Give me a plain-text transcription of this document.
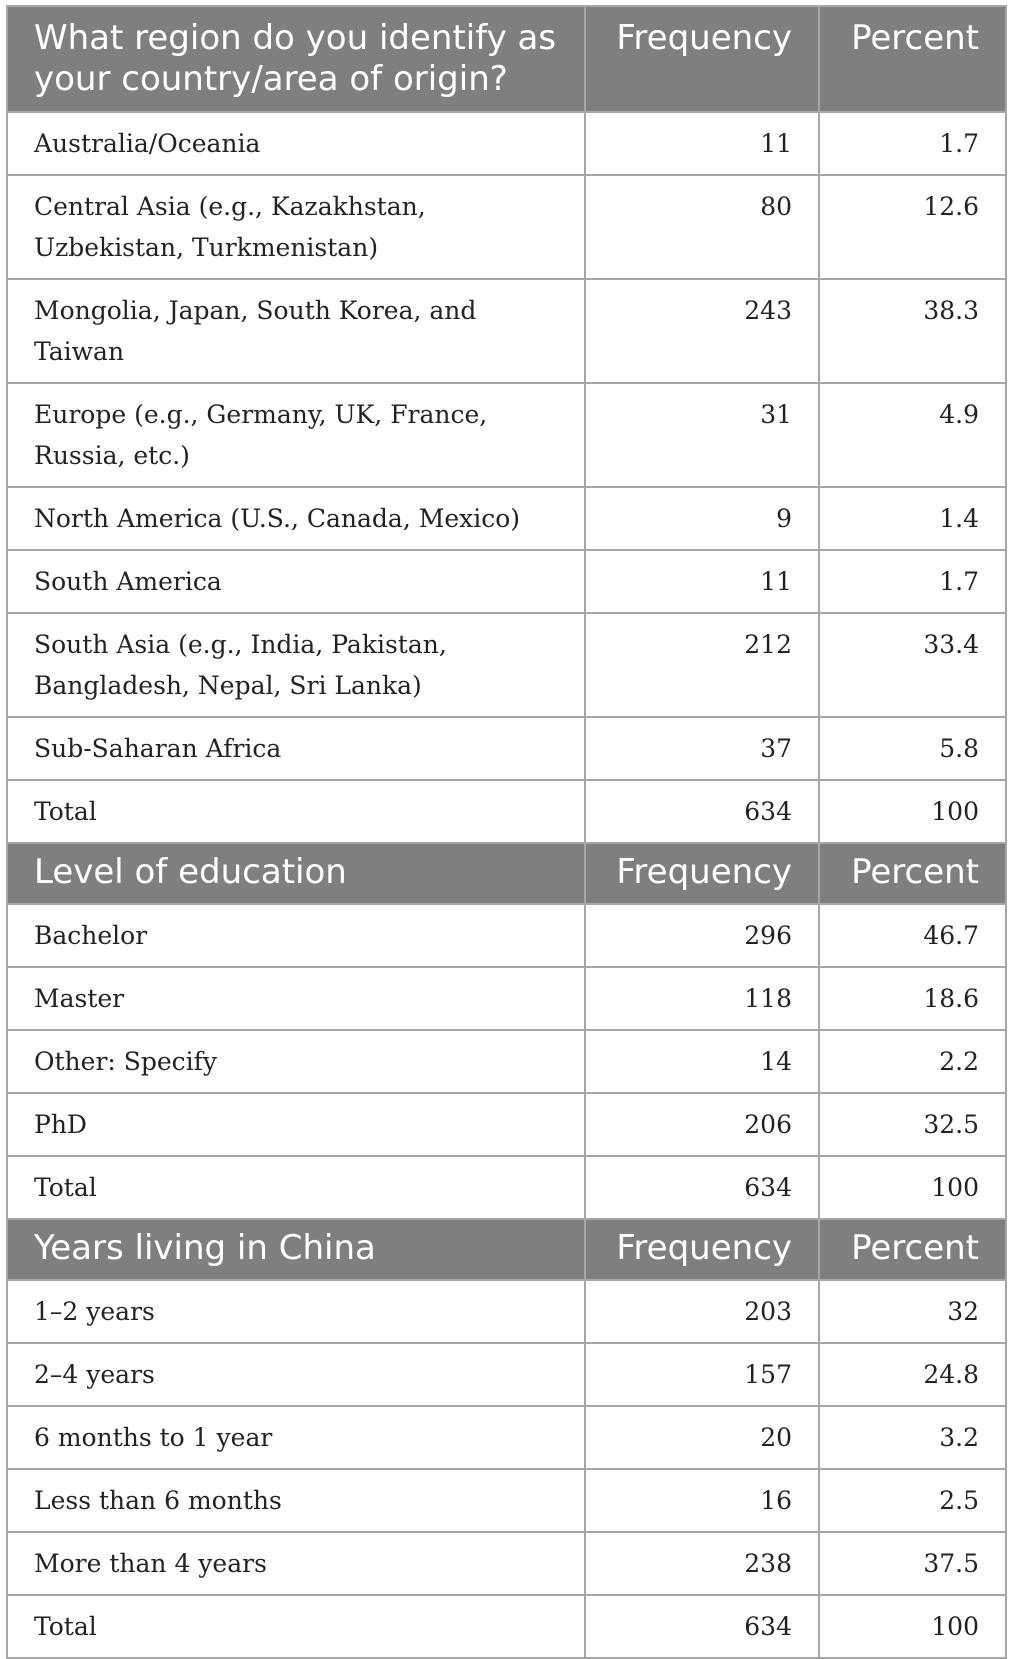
What region do you identify as your country/area of origin?	Frequency	Percent
Australia/Oceania	11	1.7
Central Asia (e.g., Kazakhstan, Uzbekistan, Turkmenistan)	80	12.6
Mongolia, Japan, South Korea, and Taiwan	243	38.3
Europe (e.g., Germany, UK, France, Russia, etc.)	31	4.9
North America (U.S., Canada, Mexico)	9	1.4
South America	11	1.7
South Asia (e.g., India, Pakistan, Bangladesh, Nepal, Sri Lanka)	212	33.4
Sub-Saharan Africa	37	5.8
Total	634	100
Level of education	Frequency	Percent
Bachelor	296	46.7
Master	118	18.6
Other: Specify	14	2.2
PhD	206	32.5
Total	634	100
Years living in China	Frequency	Percent
1–2 years	203	32
2–4 years	157	24.8
6 months to 1 year	20	3.2
Less than 6 months	16	2.5
More than 4 years	238	37.5
Total	634	100
